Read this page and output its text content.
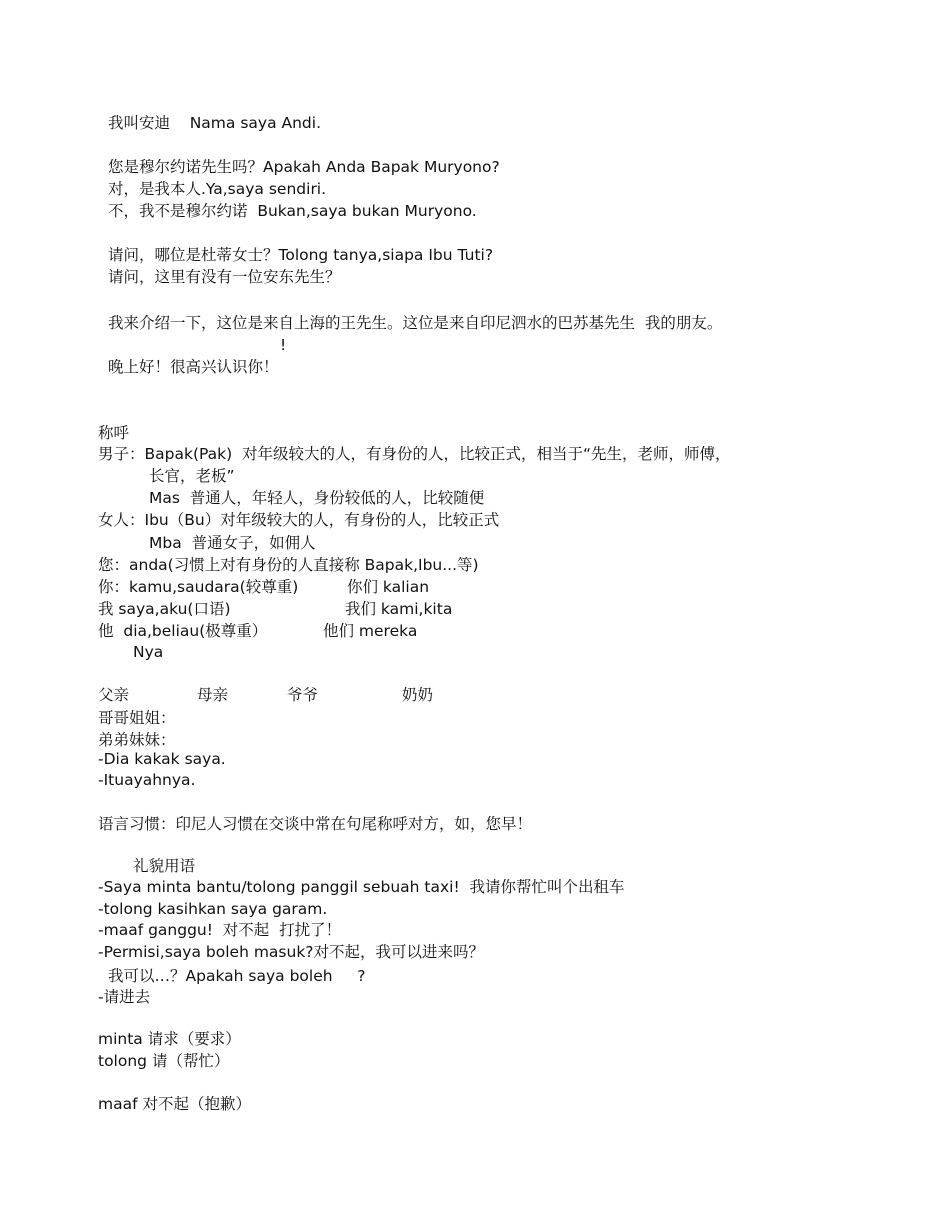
我叫安迪    Nama saya Andi.
您是穆尔约诺先生吗？Apakah Anda Bapak Muryono?
对，是我本人.Ya,saya sendiri.
不，我不是穆尔约诺  Bukan,saya bukan Muryono.
请问，哪位是杜蒂女士？Tolong tanya,siapa Ibu Tuti?
请问，这里有没有一位安东先生？
我来介绍一下，这位是来自上海的王先生。这位是来自印尼泗水的巴苏基先生  我的朋友。
!
晚上好！很高兴认识你！
称呼
男子：Bapak(Pak)  对年级较大的人，有身份的人，比较正式，相当于“先生，老师，师傅，
长官，老板”
Mas  普通人，年轻人，身份较低的人，比较随便
女人：Ibu（Bu）对年级较大的人，有身份的人，比较正式
Mba  普通女子，如佣人
您：anda(习惯上对有身份的人直接称 Bapak,Ibu...等)
你：kamu,saudara(较尊重)	你们 kalian
我 saya,aku(口语)	我们 kami,kita
他  dia,beliau(极尊重）	他们 mereka
Nya
父亲	母亲	爷爷	奶奶
哥哥姐姐：
弟弟妹妹：
-Dia kakak saya.
-Ituayahnya.
语言习惯：印尼人习惯在交谈中常在句尾称呼对方，如，您早！
礼貌用语
-Saya minta bantu/tolong panggil sebuah taxi!  我请你帮忙叫个出租车
-tolong kasihkan saya garam.
-maaf ganggu!  对不起  打扰了！
-Permisi,saya boleh masuk?对不起，我可以进来吗？
我可以…？Apakah saya boleh     ?
-请进去
minta 请求（要求）
tolong 请（帮忙）
maaf 对不起（抱歉）
